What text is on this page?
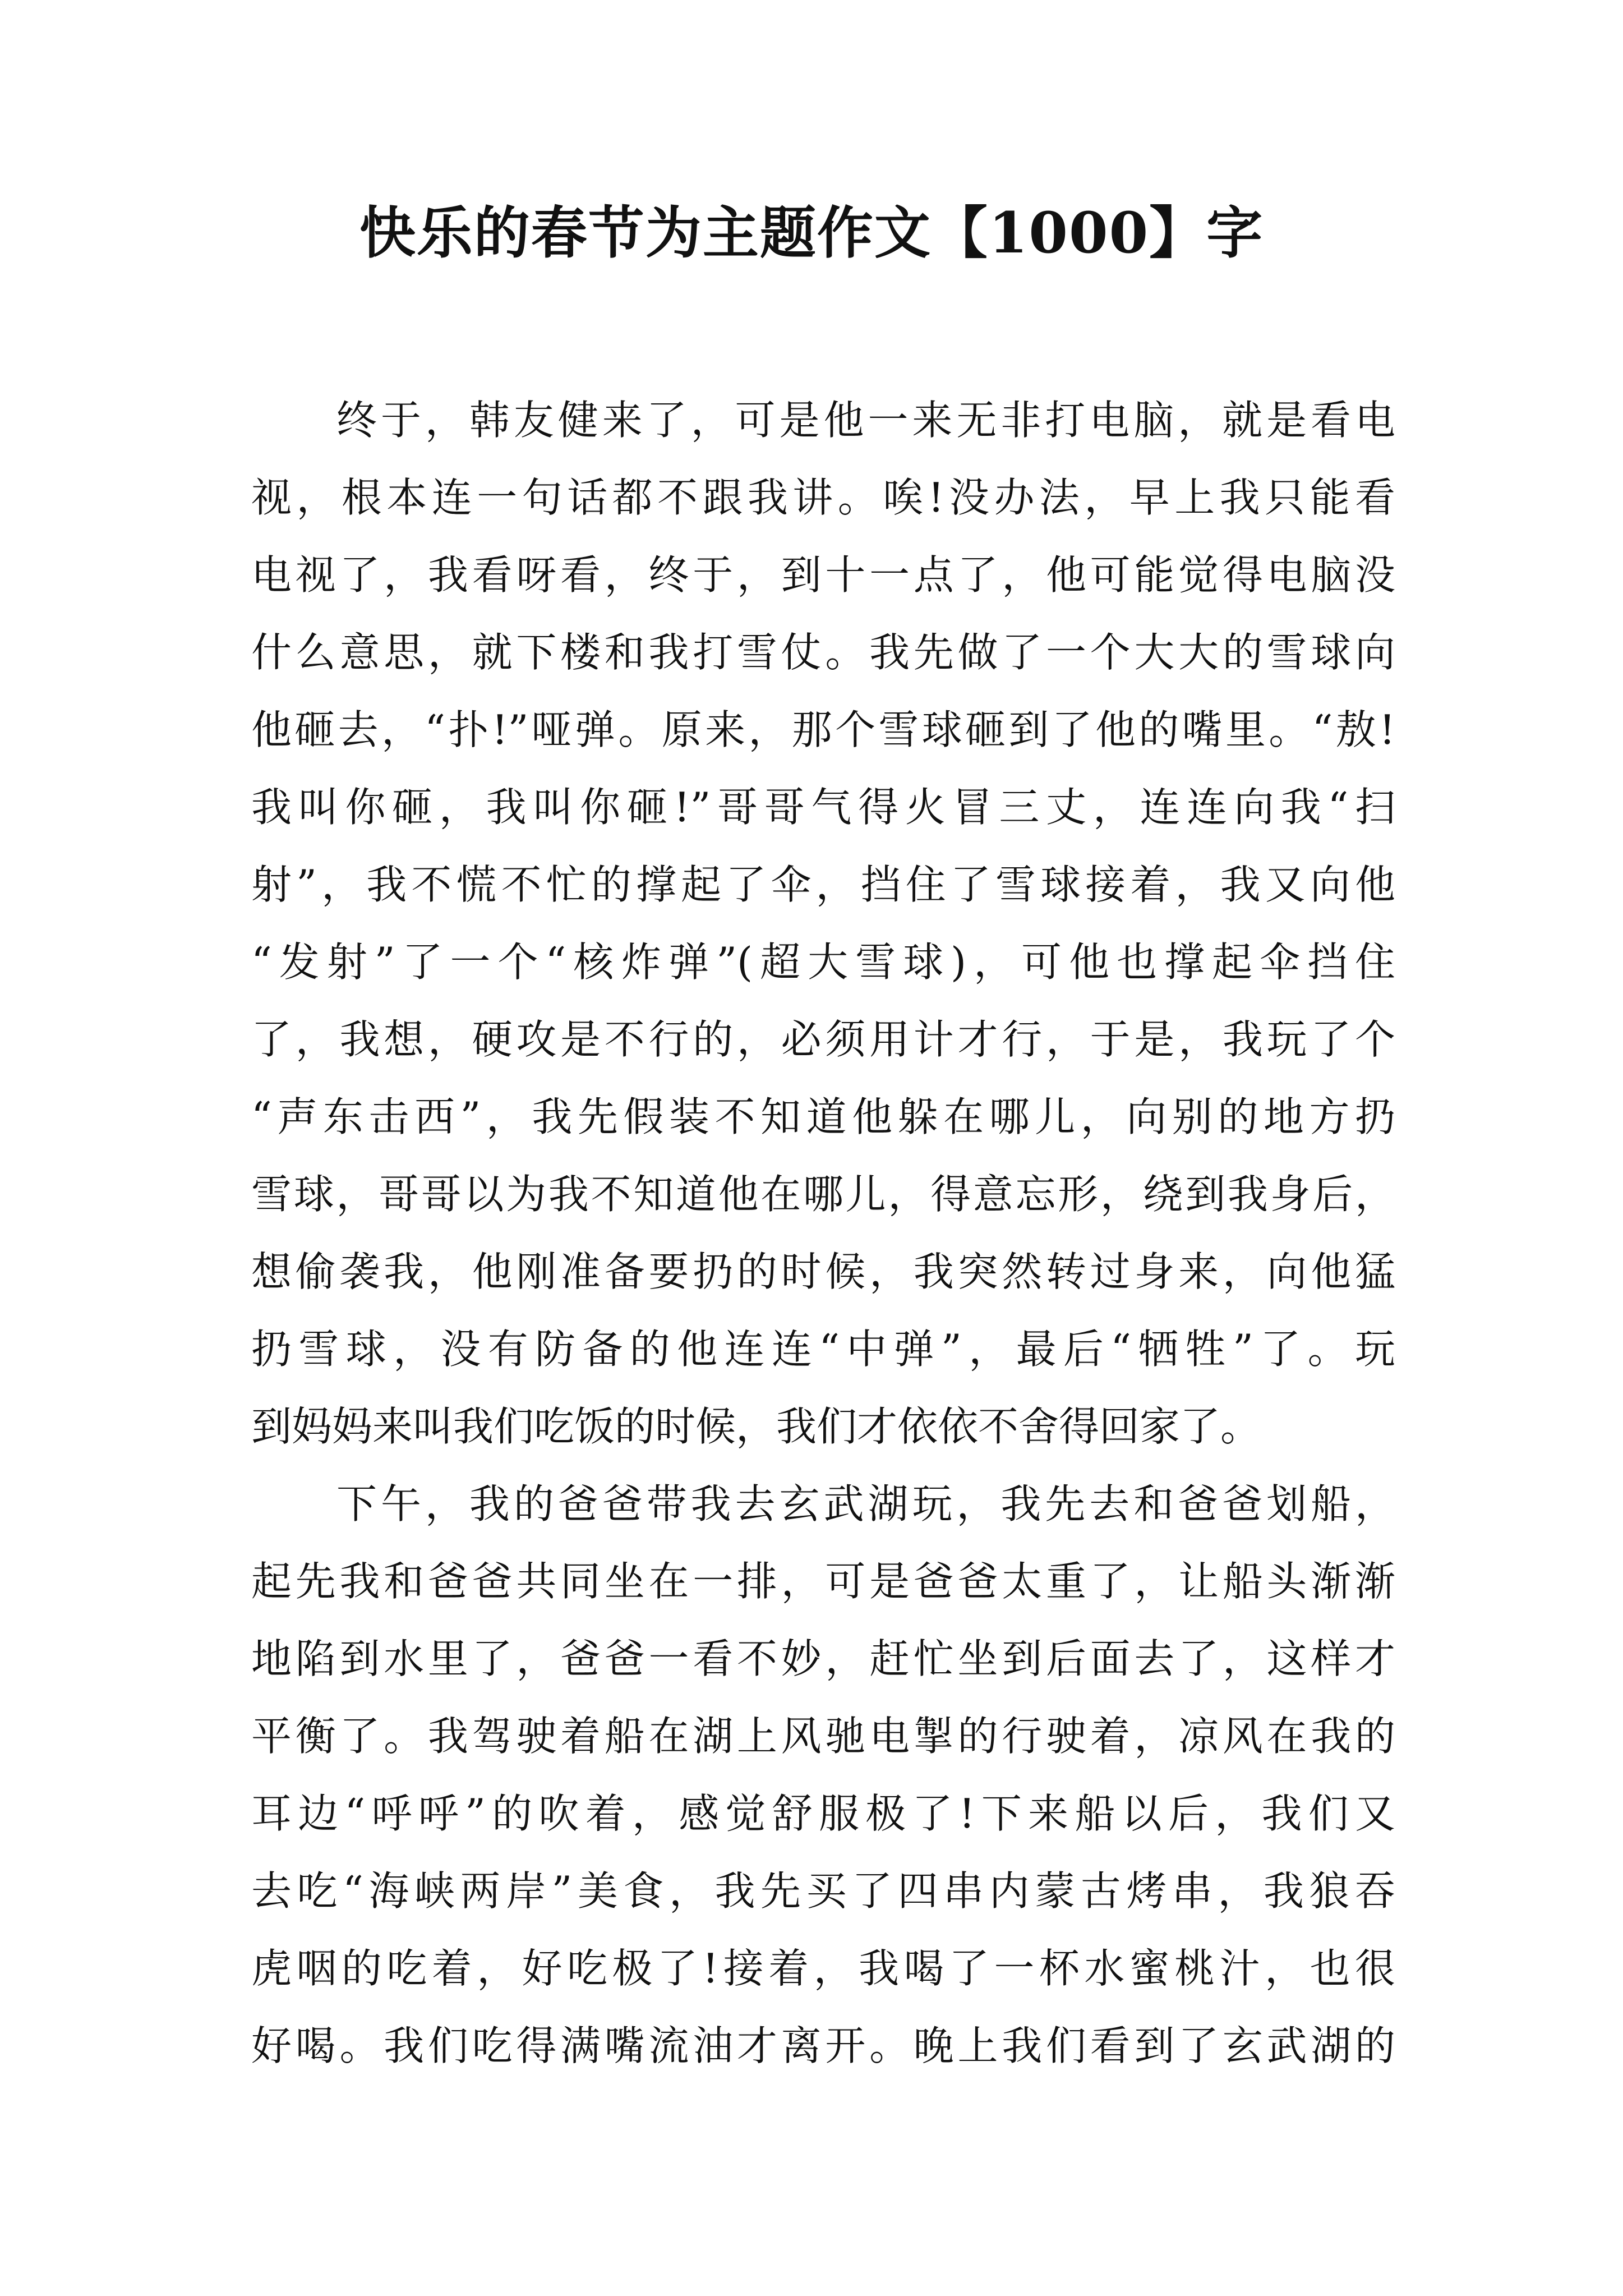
快乐的春节为主题作文【1000】字
终于，韩友健来了，可是他一来无非打电脑，就是看电
视，根本连一句话都不跟我讲。唉!没办法，早上我只能看
电视了，我看呀看，终于，到十一点了，他可能觉得电脑没
什么意思，就下楼和我打雪仗。我先做了一个大大的雪球向
他砸去，“扑!”哑弹。原来，那个雪球砸到了他的嘴里。“敖!
我叫你砸，我叫你砸!”哥哥气得火冒三丈，连连向我“扫
射”，我不慌不忙的撑起了伞，挡住了雪球接着，我又向他
“发射”了一个“核炸弹”(超大雪球)，可他也撑起伞挡住
了，我想，硬攻是不行的，必须用计才行，于是，我玩了个
“声东击西”，我先假装不知道他躲在哪儿，向别的地方扔
雪球，哥哥以为我不知道他在哪儿，得意忘形，绕到我身后，
想偷袭我，他刚准备要扔的时候，我突然转过身来，向他猛
扔雪球，没有防备的他连连“中弹”，最后“牺牲”了。玩
到妈妈来叫我们吃饭的时候，我们才依依不舍得回家了。
下午，我的爸爸带我去玄武湖玩，我先去和爸爸划船，
起先我和爸爸共同坐在一排，可是爸爸太重了，让船头渐渐
地陷到水里了，爸爸一看不妙，赶忙坐到后面去了，这样才
平衡了。我驾驶着船在湖上风驰电掣的行驶着，凉风在我的
耳边“呼呼”的吹着，感觉舒服极了!下来船以后，我们又
去吃“海峡两岸”美食，我先买了四串内蒙古烤串，我狼吞
虎咽的吃着，好吃极了!接着，我喝了一杯水蜜桃汁，也很
好喝。我们吃得满嘴流油才离开。晚上我们看到了玄武湖的
